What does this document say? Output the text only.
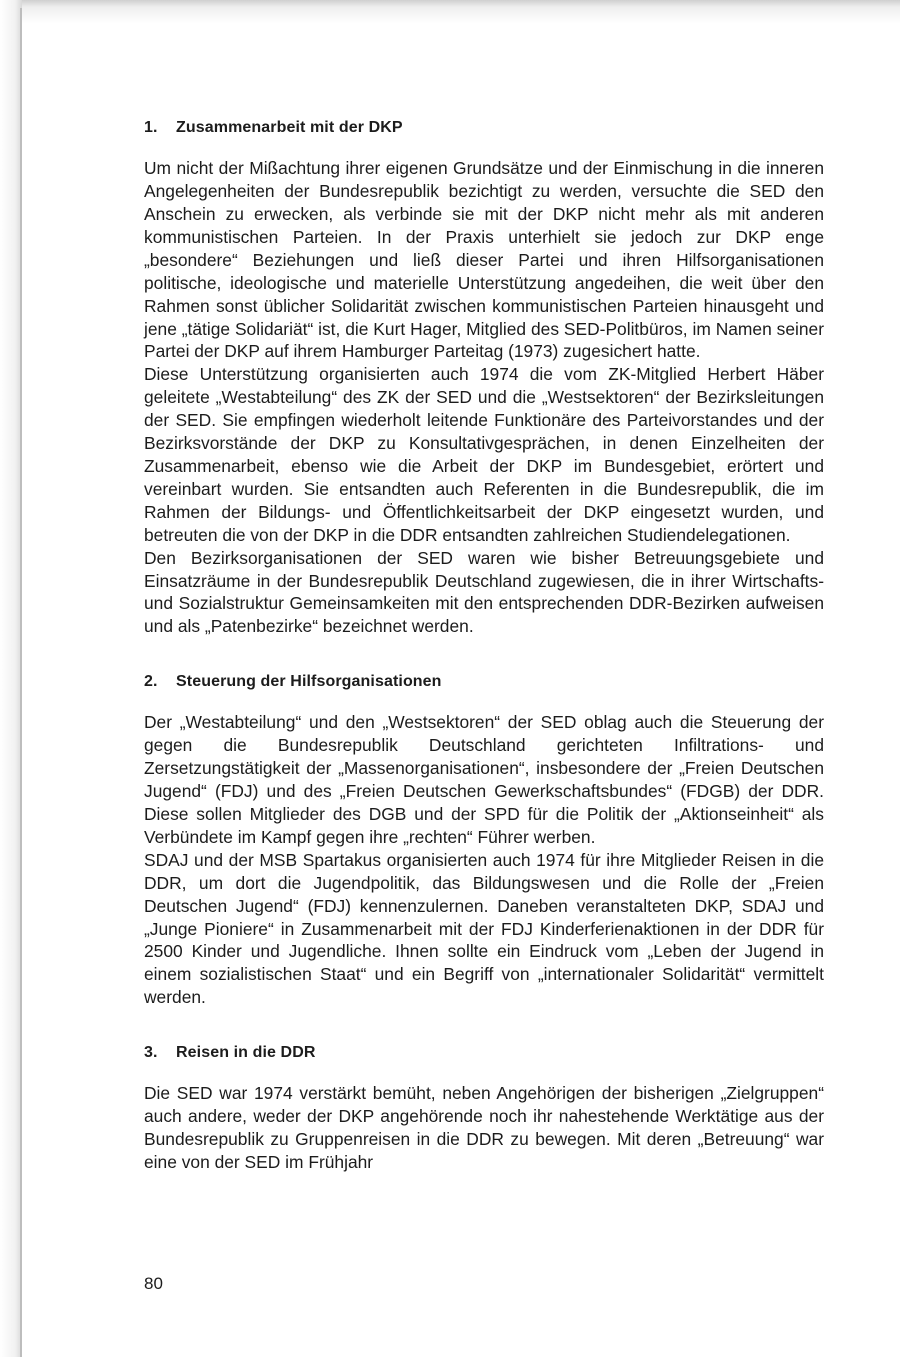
1. Zusammenarbeit mit der DKP

Um nicht der Mißachtung ihrer eigenen Grundsätze und der Einmischung in die inneren Angelegenheiten der Bundesrepublik bezichtigt zu werden, versuchte die SED den Anschein zu erwecken, als verbinde sie mit der DKP nicht mehr als mit anderen kommunistischen Parteien. In der Praxis unterhielt sie jedoch zur DKP enge „besondere“ Beziehungen und ließ dieser Partei und ihren Hilfsorganisationen politische, ideologische und materielle Unterstützung angedeihen, die weit über den Rahmen sonst üblicher Solidarität zwischen kommunistischen Parteien hinausgeht und jene „tätige Solidariät“ ist, die Kurt Hager, Mitglied des SED-Politbüros, im Namen seiner Partei der DKP auf ihrem Hamburger Parteitag (1973) zugesichert hatte.

Diese Unterstützung organisierten auch 1974 die vom ZK-Mitglied Herbert Häber geleitete „Westabteilung“ des ZK der SED und die „Westsektoren“ der Bezirksleitungen der SED. Sie empfingen wiederholt leitende Funktionäre des Parteivorstandes und der Bezirksvorstände der DKP zu Konsultativgesprächen, in denen Einzelheiten der Zusammenarbeit, ebenso wie die Arbeit der DKP im Bundesgebiet, erörtert und vereinbart wurden. Sie entsandten auch Referenten in die Bundesrepublik, die im Rahmen der Bildungs- und Öffentlichkeitsarbeit der DKP eingesetzt wurden, und betreuten die von der DKP in die DDR entsandten zahlreichen Studiendelegationen.

Den Bezirksorganisationen der SED waren wie bisher Betreuungsgebiete und Einsatzräume in der Bundesrepublik Deutschland zugewiesen, die in ihrer Wirtschafts- und Sozialstruktur Gemeinsamkeiten mit den entsprechenden DDR-Bezirken aufweisen und als „Patenbezirke“ bezeichnet werden.

2. Steuerung der Hilfsorganisationen

Der „Westabteilung“ und den „Westsektoren“ der SED oblag auch die Steuerung der gegen die Bundesrepublik Deutschland gerichteten Infiltrations- und Zersetzungstätigkeit der „Massenorganisationen“, insbesondere der „Freien Deutschen Jugend“ (FDJ) und des „Freien Deutschen Gewerkschaftsbundes“ (FDGB) der DDR. Diese sollen Mitglieder des DGB und der SPD für die Politik der „Aktionseinheit“ als Verbündete im Kampf gegen ihre „rechten“ Führer werben.

SDAJ und der MSB Spartakus organisierten auch 1974 für ihre Mitglieder Reisen in die DDR, um dort die Jugendpolitik, das Bildungswesen und die Rolle der „Freien Deutschen Jugend“ (FDJ) kennenzulernen. Daneben veranstalteten DKP, SDAJ und „Junge Pioniere“ in Zusammenarbeit mit der FDJ Kinderferienaktionen in der DDR für 2500 Kinder und Jugendliche. Ihnen sollte ein Eindruck vom „Leben der Jugend in einem sozialistischen Staat“ und ein Begriff von „internationaler Solidarität“ vermittelt werden.

3. Reisen in die DDR

Die SED war 1974 verstärkt bemüht, neben Angehörigen der bisherigen „Zielgruppen“ auch andere, weder der DKP angehörende noch ihr nahestehende Werktätige aus der Bundesrepublik zu Gruppenreisen in die DDR zu bewegen. Mit deren „Betreuung“ war eine von der SED im Frühjahr

80
